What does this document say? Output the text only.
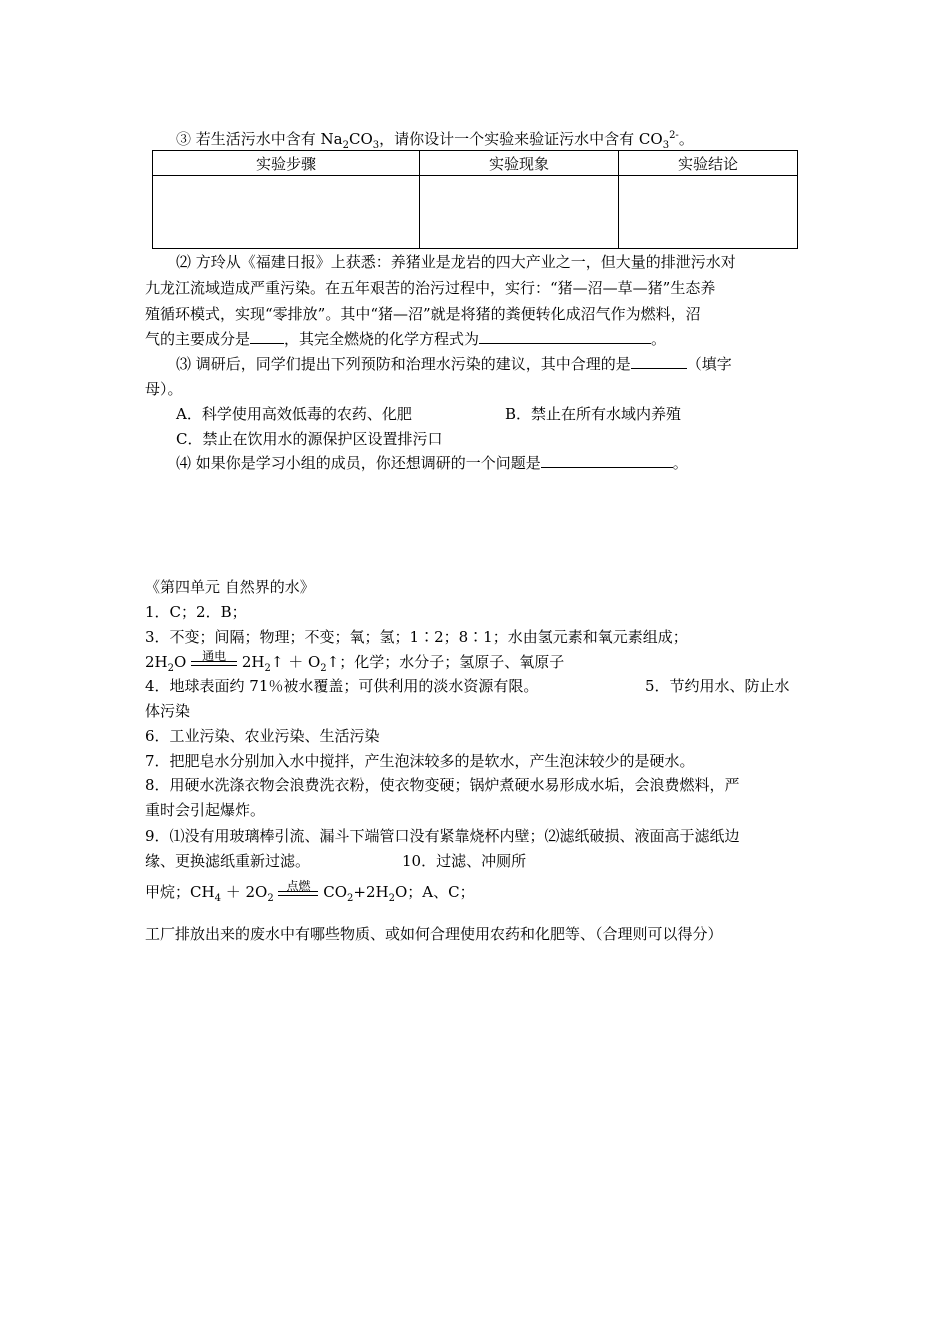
③ 若生活污水中含有 $Na_2CO_3$，请你设计一个实验来验证污水中含有 $CO_3^{2-}$。
实验步骤	实验现象	实验结论

⑵ 方玲从《福建日报》上获悉：养猪业是龙岩的四大产业之一，但大量的排泄污水对
九龙江流域造成严重污染。在五年艰苦的治污过程中，实行：“猪—沼—草—猪”生态养
殖循环模式，实现“零排放”。其中“猪—沼”就是将猪的粪便转化成沼气作为燃料，沼
气的主要成分是 ，其完全燃烧的化学方程式为	。
⑶ 调研后，同学们提出下列预防和治理水污染的建议，其中合理的是	（填字
母）。
A．科学使用高效低毒的农药、化肥	B．禁止在所有水域内养殖
C．禁止在饮用水的源保护区设置排污口
⑷ 如果你是学习小组的成员，你还想调研的一个问题是	。
《第四单元 自然界的水》
1．C；2．B；
3．不变；间隔；物理；不变；氧；氢；1∶2；8∶1；水由氢元素和氧元素组成；
$2H_2O$	通电	$2H_2↑$ ＋ $O_2↑$；化学；水分子；氢原子、氧原子
4．地球表面约 71％被水覆盖；可供利用的淡水资源有限。	5．节约用水、防止水
体污染
6．工业污染、农业污染、生活污染
7．把肥皂水分别加入水中搅拌，产生泡沫较多的是软水，产生泡沫较少的是硬水。
8．用硬水洗涤衣物会浪费洗衣粉，使衣物变硬；锅炉煮硬水易形成水垢，会浪费燃料，严
重时会引起爆炸。
9．⑴没有用玻璃棒引流、漏斗下端管口没有紧靠烧杯内壁；⑵滤纸破损、液面高于滤纸边
缘、更换滤纸重新过滤。	10．过滤、冲厕所
甲烷；$CH_4 + 2O_2$
点燃 $CO_2+2H_2O$；A、C；
工厂排放出来的废水中有哪些物质、或如何合理使用农药和化肥等、（合理则可以得分）
